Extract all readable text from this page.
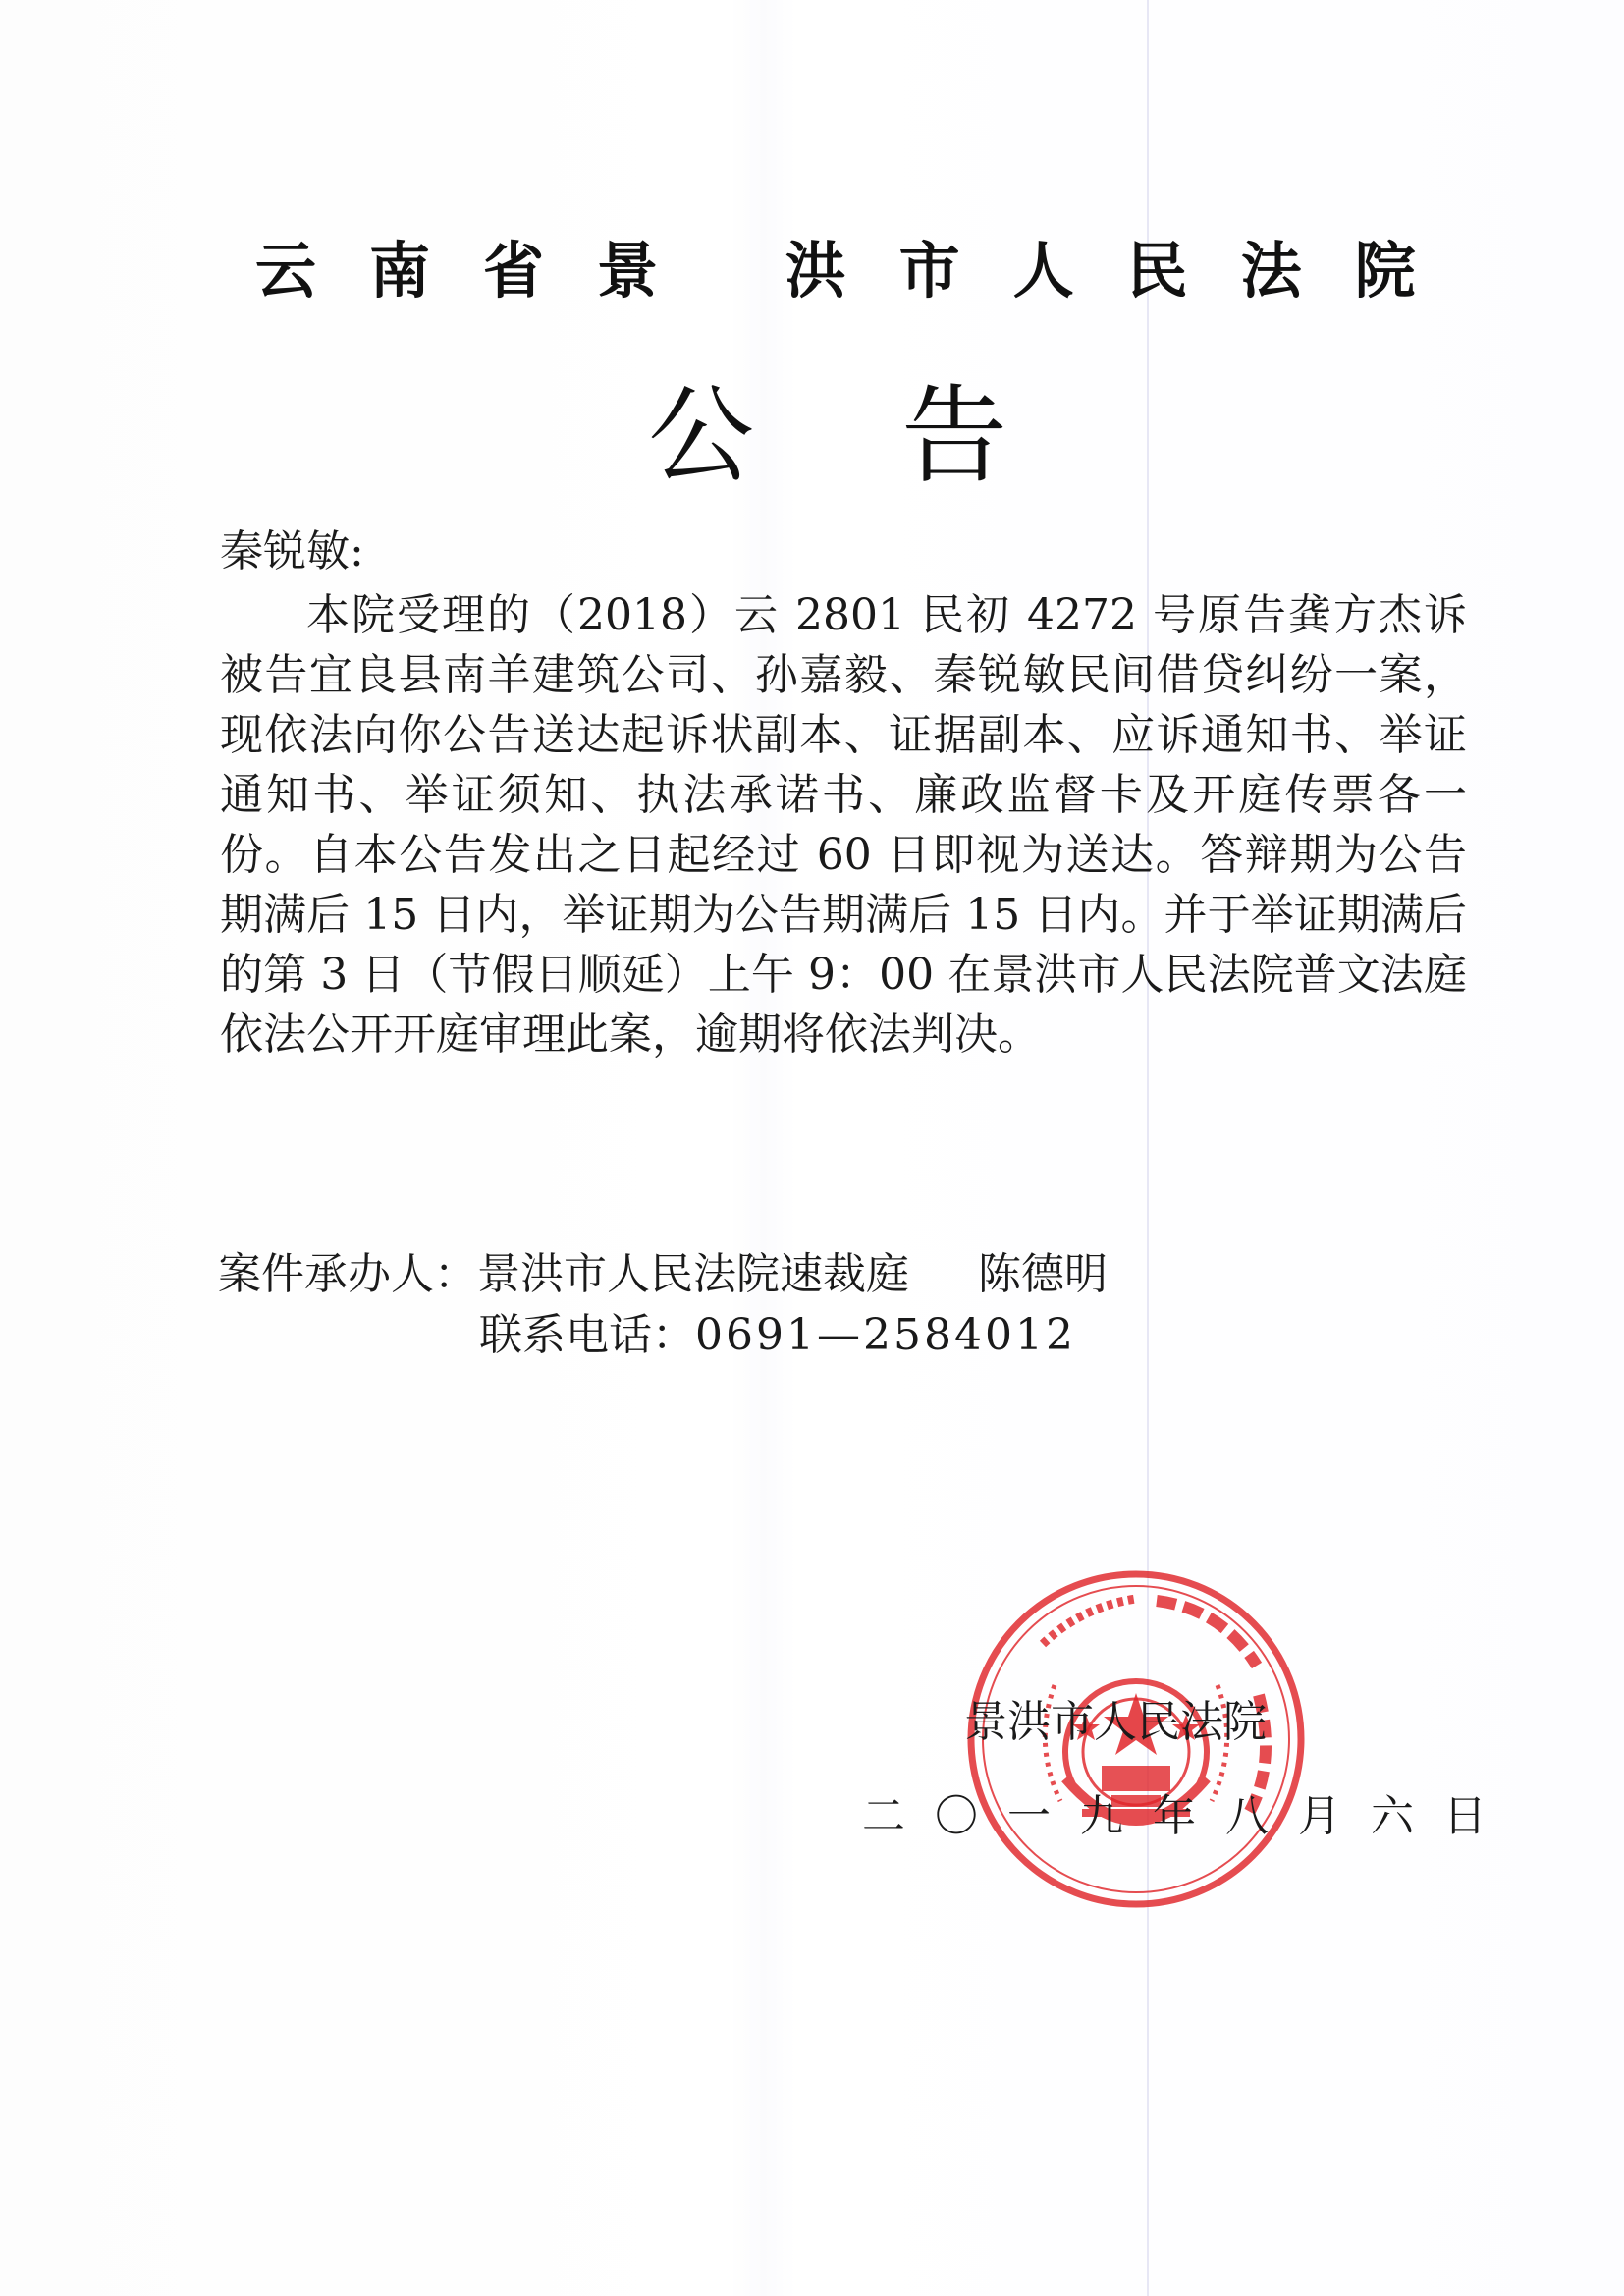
云南省景 洪市人民法院
公告
秦锐敏:
本院受理的（2018）云 2801 民初 4272 号原告龚方杰诉被告宜良县南羊建筑公司、孙嘉毅、秦锐敏民间借贷纠纷一案，现依法向你公告送达起诉状副本、证据副本、应诉通知书、举证通知书、举证须知、执法承诺书、廉政监督卡及开庭传票各一份。自本公告发出之日起经过 60 日即视为送达。答辩期为公告期满后 15 日内，举证期为公告期满后 15 日内。并于举证期满后的第 3 日（节假日顺延）上午 9：00 在景洪市人民法院普文法庭依法公开开庭审理此案，逾期将依法判决。
案件承办人：景洪市人民法院速裁庭 陈德明
联系电话：0691—2584012
景洪市人民法院
二〇一九年八月六日
